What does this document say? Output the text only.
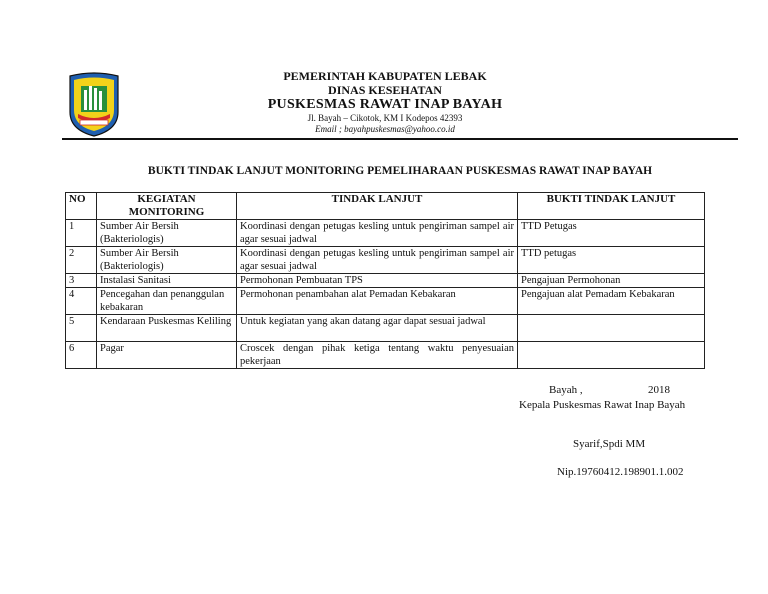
PEMERINTAH KABUPATEN LEBAK
DINAS KESEHATAN
PUSKESMAS RAWAT INAP BAYAH
Jl. Bayah – Cikotok, KM I Kodepos 42393
Email ; bayahpuskesmas@yahoo.co.id
BUKTI TINDAK LANJUT MONITORING PEMELIHARAAN PUSKESMAS RAWAT INAP BAYAH
NO	KEGIATAN MONITORING	TINDAK LANJUT	BUKTI TINDAK LANJUT
1	Sumber Air Bersih (Bakteriologis)	Koordinasi dengan petugas kesling untuk pengiriman sampel air agar sesuai jadwal	TTD Petugas
2	Sumber Air Bersih (Bakteriologis)	Koordinasi dengan petugas kesling untuk pengiriman sampel air agar sesuai jadwal	TTD petugas
3	Instalasi Sanitasi	Permohonan Pembuatan TPS	Pengajuan Permohonan
4	Pencegahan dan penanggulan kebakaran	Permohonan penambahan alat Pemadan Kebakaran	Pengajuan alat Pemadam Kebakaran
5	Kendaraan Puskesmas Keliling	Untuk kegiatan yang akan datang agar dapat sesuai jadwal	
6	Pagar	Croscek dengan pihak ketiga tentang waktu penyesuaian pekerjaan	
Bayah ,	2018
Kepala Puskesmas Rawat Inap Bayah
Syarif,Spdi MM
Nip.19760412.198901.1.002
